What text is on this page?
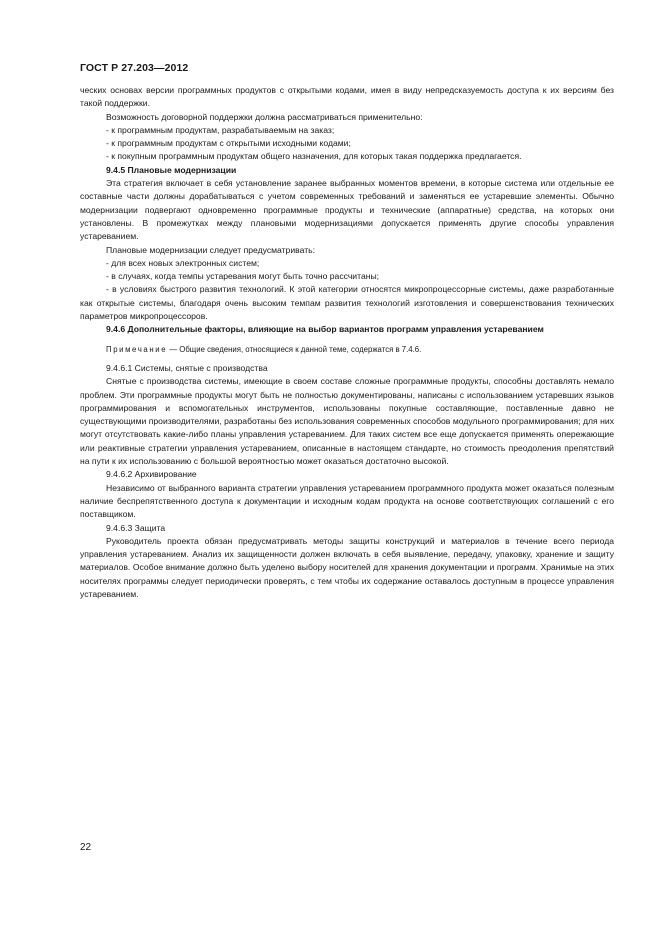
ГОСТ Р 27.203—2012

ческих основах версии программных продуктов с открытыми кодами, имея в виду непредсказуемость доступа к их версиям без такой поддержки.

Возможность договорной поддержки должна рассматриваться применительно:

- к программным продуктам, разрабатываемым на заказ;

- к программным продуктам с открытыми исходными кодами;

- к покупным программным продуктам общего назначения, для которых такая поддержка предлагается.

9.4.5 Плановые модернизации

Эта стратегия включает в себя установление заранее выбранных моментов времени, в которые система или отдельные ее составные части должны дорабатываться с учетом современных требований и заменяться ее устаревшие элементы. Обычно модернизации подвергают одновременно программные продукты и технические (аппаратные) средства, на которых они установлены. В промежутках между плановыми модернизациями допускается применять другие способы управления устареванием.

Плановые модернизации следует предусматривать:

- для всех новых электронных систем;

- в случаях, когда темпы устаревания могут быть точно рассчитаны;

- в условиях быстрого развития технологий. К этой категории относятся микропроцессорные системы, даже разработанные как открытые системы, благодаря очень высоким темпам развития технологий изготовления и совершенствования технических параметров микропроцессоров.

9.4.6 Дополнительные факторы, влияющие на выбор вариантов программ управления устареванием

Примечание — Общие сведения, относящиеся к данной теме, содержатся в 7.4.6.

9.4.6.1 Системы, снятые с производства

Снятые с производства системы, имеющие в своем составе сложные программные продукты, способны доставлять немало проблем. Эти программные продукты могут быть не полностью документированы, написаны с использованием устаревших языков программирования и вспомогательных инструментов, использованы покупные составляющие, поставленные давно не существующими производителями, разработаны без использования современных способов модульного программирования; для них могут отсутствовать какие-либо планы управления устареванием. Для таких систем все еще допускается применять опережающие или реактивные стратегии управления устареванием, описанные в настоящем стандарте, но стоимость преодоления препятствий на пути к их использованию с большой вероятностью может оказаться достаточно высокой.

9.4.6.2 Архивирование

Независимо от выбранного варианта стратегии управления устареванием программного продукта может оказаться полезным наличие беспрепятственного доступа к документации и исходным кодам продукта на основе соответствующих соглашений с его поставщиком.

9.4.6.3 Защита

Руководитель проекта обязан предусматривать методы защиты конструкций и материалов в течение всего периода управления устареванием. Анализ их защищенности должен включать в себя выявление, передачу, упаковку, хранение и защиту материалов. Особое внимание должно быть уделено выбору носителей для хранения документации и программ. Хранимые на этих носителях программы следует периодически проверять, с тем чтобы их содержание оставалось доступным в процессе управления устареванием.

22
